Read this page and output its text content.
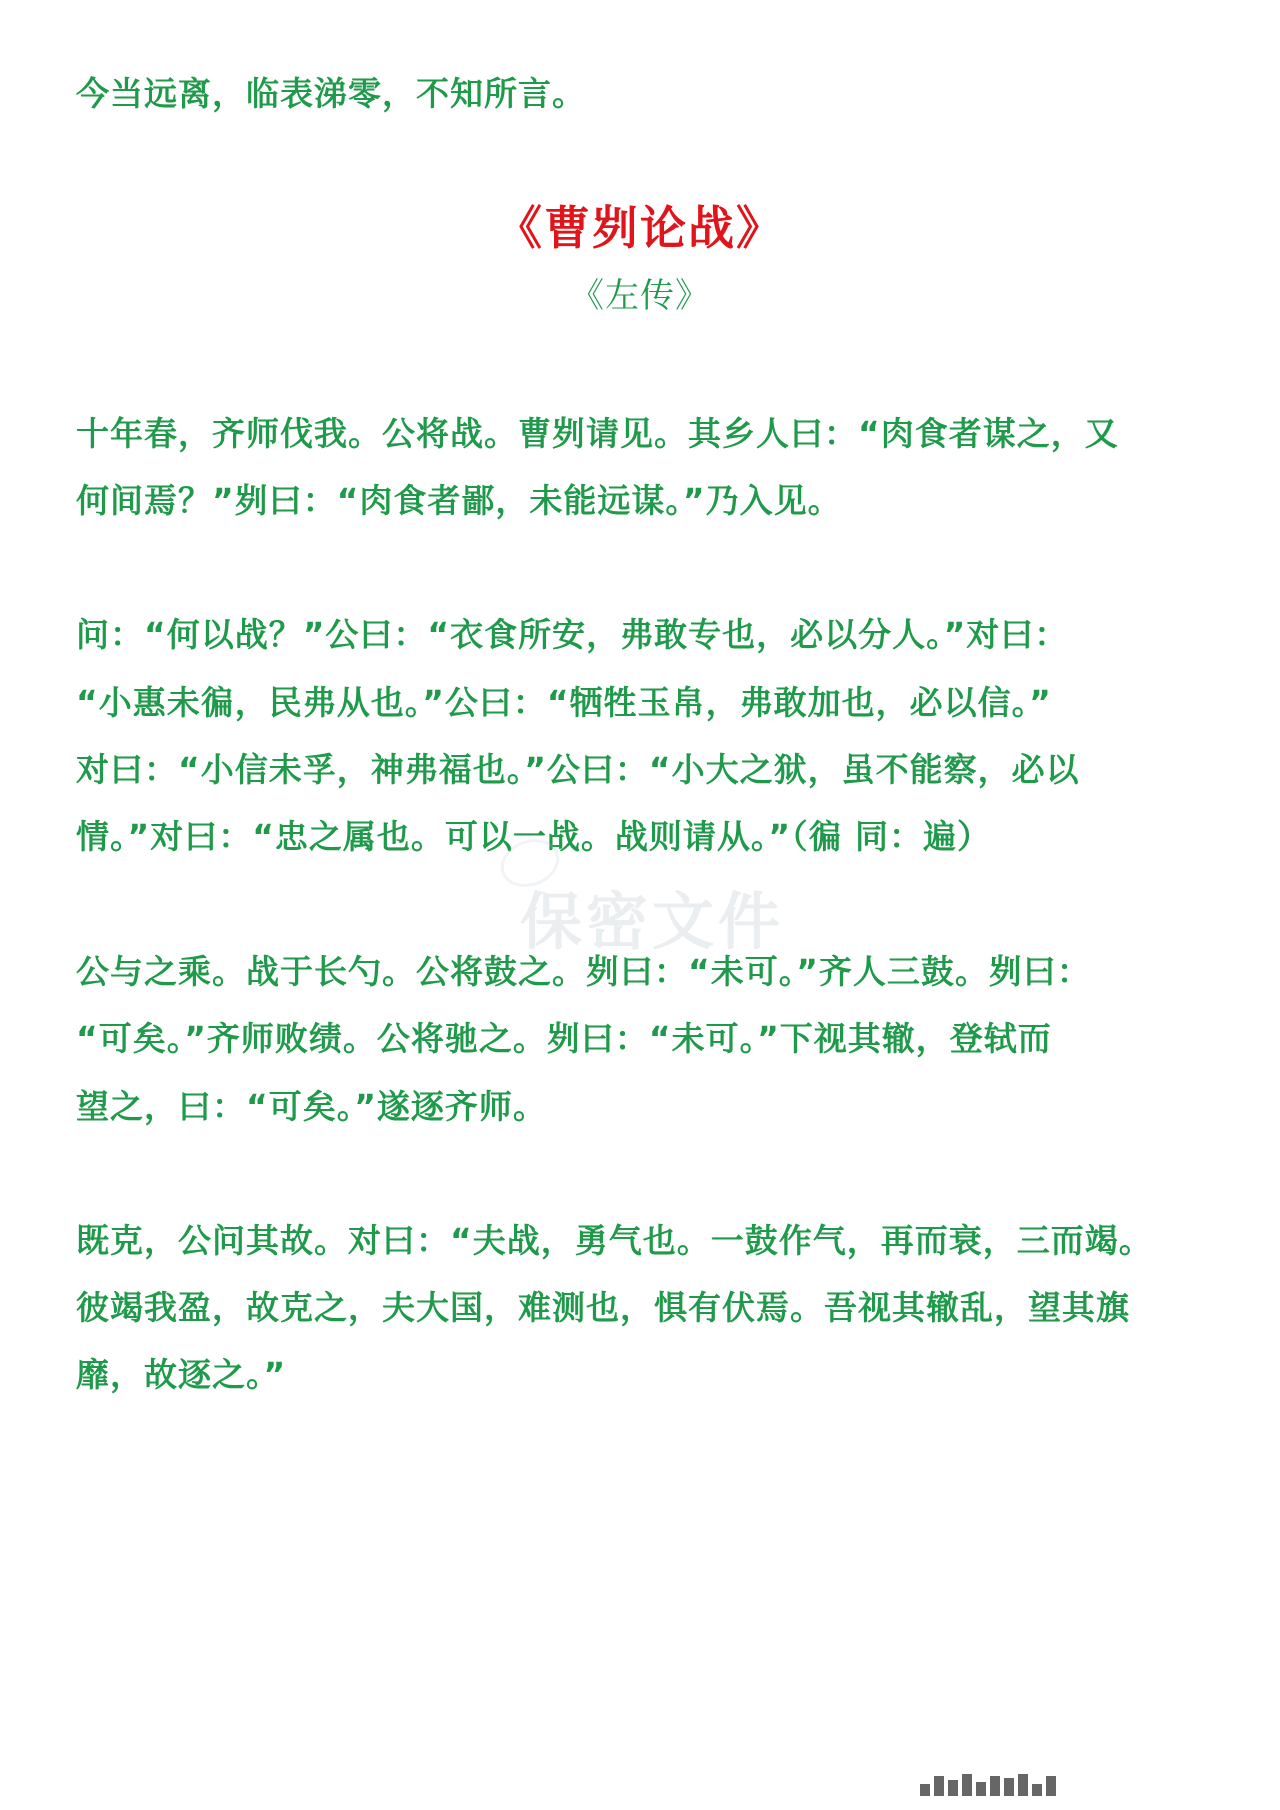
今当远离，临表涕零，不知所言。
《曹刿论战》
《左传》
十年春，齐师伐我。公将战。曹刿请见。其乡人曰：“肉食者谋之，又
何间焉？”刿曰：“肉食者鄙，未能远谋。”乃入见。
问：“何以战？”公曰：“衣食所安，弗敢专也，必以分人。”对曰：
“小惠未徧，民弗从也。”公曰：“牺牲玉帛，弗敢加也，必以信。”
对曰：“小信未孚，神弗福也。”公曰：“小大之狱，虽不能察，必以
情。”对曰：“忠之属也。可以一战。战则请从。”（徧 同：遍）
保密文件
公与之乘。战于长勺。公将鼓之。刿曰：“未可。”齐人三鼓。刿曰：
“可矣。”齐师败绩。公将驰之。刿曰：“未可。”下视其辙，登轼而
望之，曰：“可矣。”遂逐齐师。
既克，公问其故。对曰：“夫战，勇气也。一鼓作气，再而衰，三而竭。
彼竭我盈，故克之，夫大国，难测也，惧有伏焉。吾视其辙乱，望其旗
靡，故逐之。”
